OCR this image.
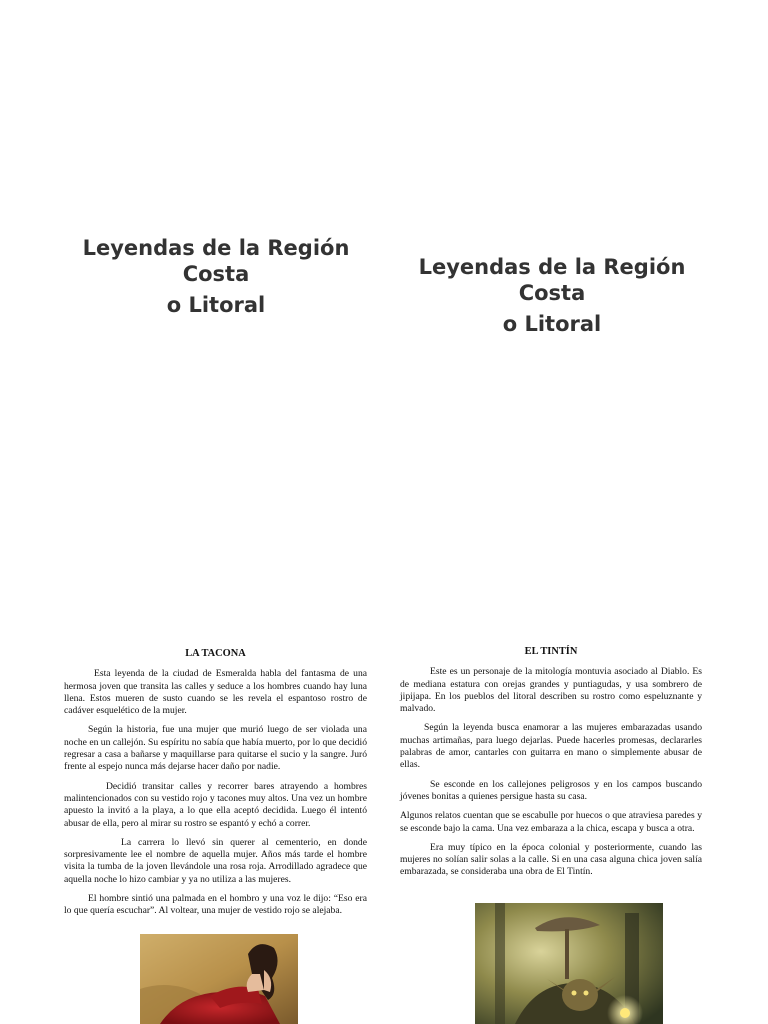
Leyendas de la Región
Costa
o Litoral
Leyendas de la Región
Costa
o Litoral
LA TACONA

Esta leyenda de la ciudad de Esmeralda habla del fantasma de una hermosa joven que transita las calles y seduce a los hombres cuando hay luna llena. Estos mueren de susto cuando se les revela el espantoso rostro de cadáver esquelético de la mujer.

Según la historia, fue una mujer que murió luego de ser violada una noche en un callejón. Su espíritu no sabía que había muerto, por lo que decidió regresar a casa a bañarse y maquillarse para quitarse el sucio y la sangre. Juró frente al espejo nunca más dejarse hacer daño por nadie.

Decidió transitar calles y recorrer bares atrayendo a hombres malintencionados con su vestido rojo y tacones muy altos. Una vez un hombre apuesto la invitó a la playa, a lo que ella aceptó decidida. Luego él intentó abusar de ella, pero al mirar su rostro se espantó y echó a correr.

La carrera lo llevó sin querer al cementerio, en donde sorpresivamente lee el nombre de aquella mujer. Años más tarde el hombre visita la tumba de la joven llevándole una rosa roja. Arrodillado agradece que aquella noche lo hizo cambiar y ya no utiliza a las mujeres.

El hombre sintió una palmada en el hombro y una voz le dijo: “Eso era lo que quería escuchar”. Al voltear, una mujer de vestido rojo se alejaba.

EL TINTÍN

Este es un personaje de la mitología montuvia asociado al Diablo. Es de mediana estatura con orejas grandes y puntiagudas, y usa sombrero de jipijapa. En los pueblos del litoral describen su rostro como espeluznante y malvado.

Según la leyenda busca enamorar a las mujeres embarazadas usando muchas artimañas, para luego dejarlas. Puede hacerles promesas, declararles palabras de amor, cantarles con guitarra en mano o simplemente abusar de ellas.

Se esconde en los callejones peligrosos y en los campos buscando jóvenes bonitas a quienes persigue hasta su casa.

Algunos relatos cuentan que se escabulle por huecos o que atraviesa paredes y se esconde bajo la cama. Una vez embaraza a la chica, escapa y busca a otra.

Era muy típico en la época colonial y posteriormente, cuando las mujeres no solían salir solas a la calle. Si en una casa alguna chica joven salía embarazada, se consideraba una obra de El Tintín.
